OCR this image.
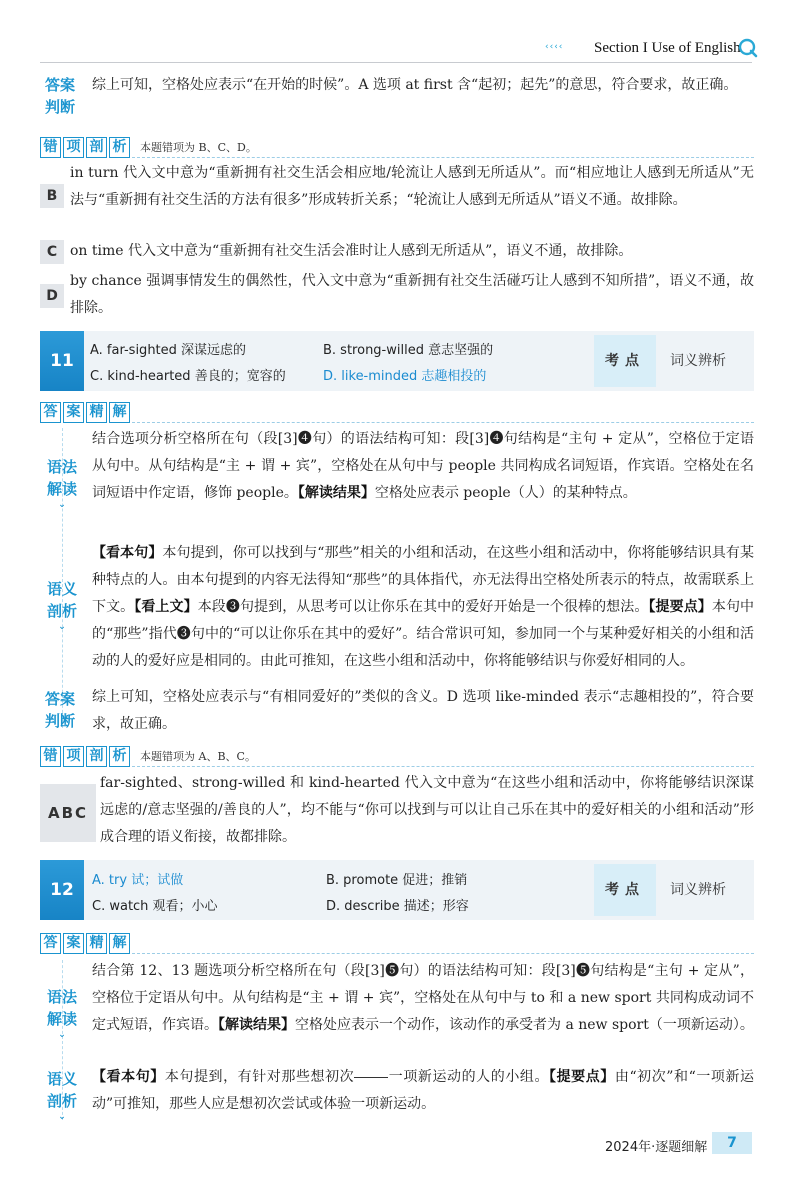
‹‹‹‹ Section I Use of English
答案
判断
综上可知，空格处应表示“在开始的时候”。A 选项 at first 含“起初；起先”的意思，符合要求，故正确。
错 项 剖 析	本题错项为 B、C、D。
B
in turn 代入文中意为“重新拥有社交生活会相应地/轮流让人感到无所适从”。而“相应地让人感到无所适从”无法与“重新拥有社交生活的方法有很多”形成转折关系；“轮流让人感到无所适从”语义不通。故排除。
C on time 代入文中意为“重新拥有社交生活会准时让人感到无所适从”，语义不通，故排除。
D
by chance 强调事情发生的偶然性，代入文中意为“重新拥有社交生活碰巧让人感到不知所措”，语义不通，故排除。
11
A. far-sighted 深谋远虑的	B. strong-willed 意志坚强的
C. kind-hearted 善良的；宽容的	D. like-minded 志趣相投的
考点	词义辨析
答 案 精 解
语法
解读
⌄
结合选项分析空格所在句（段[3]❹句）的语法结构可知：段[3]❹句结构是“主句 + 定从”，空格位于定语从句中。从句结构是“主 + 谓 + 宾”，空格处在从句中与 people 共同构成名词短语，作宾语。空格处在名词短语中作定语，修饰 people。【解读结果】空格处应表示 people（人）的某种特点。
语义
剖析
⌄
【看本句】本句提到，你可以找到与“那些”相关的小组和活动，在这些小组和活动中，你将能够结识具有某种特点的人。由本句提到的内容无法得知“那些”的具体指代，亦无法得出空格处所表示的特点，故需联系上下文。【看上文】本段❸句提到，从思考可以让你乐在其中的爱好开始是一个很棒的想法。【提要点】本句中的“那些”指代❸句中的“可以让你乐在其中的爱好”。结合常识可知，参加同一个与某种爱好相关的小组和活动的人的爱好应是相同的。由此可推知，在这些小组和活动中，你将能够结识与你爱好相同的人。
答案
判断
综上可知，空格处应表示与“有相同爱好的”类似的含义。D 选项 like-minded 表示“志趣相投的”，符合要求，故正确。
错 项 剖 析	本题错项为 A、B、C。
ABC
far-sighted、strong-willed 和 kind-hearted 代入文中意为“在这些小组和活动中，你将能够结识深谋远虑的/意志坚强的/善良的人”，均不能与“你可以找到与可以让自己乐在其中的爱好相关的小组和活动”形成合理的语义衔接，故都排除。
12	A. try 试；试做	B. promote 促进；推销
C. watch 观看；小心	D. describe 描述；形容
考点	词义辨析
答 案 精 解
语法
解读
⌄
结合第 12、13 题选项分析空格所在句（段[3]❺句）的语法结构可知：段[3]❺句结构是“主句 + 定从”，空格位于定语从句中。从句结构是“主 + 谓 + 宾”，空格处在从句中与 to 和 a new sport 共同构成动词不定式短语，作宾语。【解读结果】空格处应表示一个动作，该动作的承受者为 a new sport（一项新运动）。
语义
剖析
⌄
【看本句】本句提到，有针对那些想初次 一项新运动的人的小组。【提要点】由“初次”和“一项新运动”可推知，那些人应是想初次尝试或体验一项新运动。
2024年·逐题细解	7
